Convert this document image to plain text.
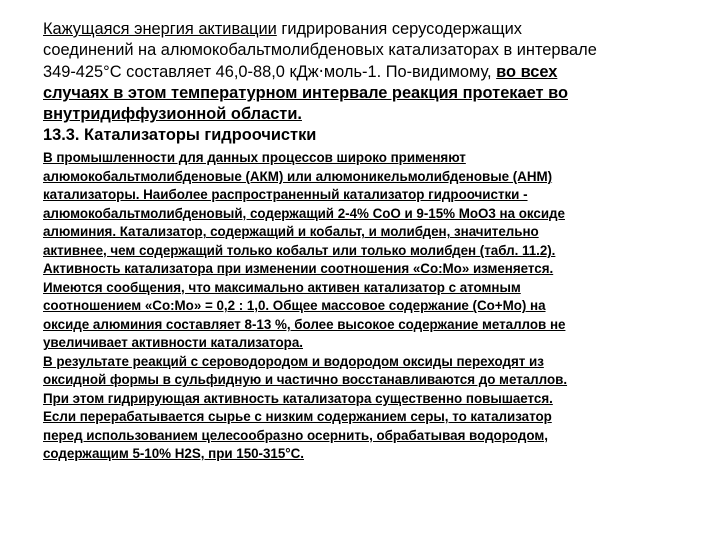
Кажущаяся энергия активации гидрирования серусодержащих
соединений на алюмокобальтмолибденовых катализаторах в интервале
349-425°C составляет 46,0-88,0 кДж‧моль-1. По-видимому, во всех
случаях в этом температурном интервале реакция протекает во
внутридиффузионной области.

13.3. Катализаторы гидроочистки

В промышленности для данных процессов широко применяют
алюмокобальтмолибденовые (АКМ) или алюмоникельмолибденовые (АНМ)
катализаторы. Наиболее распространенный катализатор гидроочистки -
алюмокобальтмолибденовый, содержащий 2-4% СоО и 9-15% МоО3 на оксиде
алюминия. Катализатор, содержащий и кобальт, и молибден, значительно
активнее, чем содержащий только кобальт или только молибден (табл. 11.2).
Активность катализатора при изменении соотношения «Со:Мо» изменяется.
Имеются сообщения, что максимально активен катализатор с атомным
соотношением «Со:Мо» = 0,2 : 1,0. Общее массовое содержание (Со+Мо) на
оксиде алюминия составляет 8-13 %, более высокое содержание металлов не
увеличивает активности катализатора.
В результате реакций с сероводородом и водородом оксиды переходят из
оксидной формы в сульфидную и частично восстанавливаются до металлов.
При этом гидрирующая активность катализатора существенно повышается.
Если перерабатывается сырье с низким содержанием серы, то катализатор
перед использованием целесообразно осернить, обрабатывая водородом,
содержащим 5-10% H2S, при 150-315°С.
